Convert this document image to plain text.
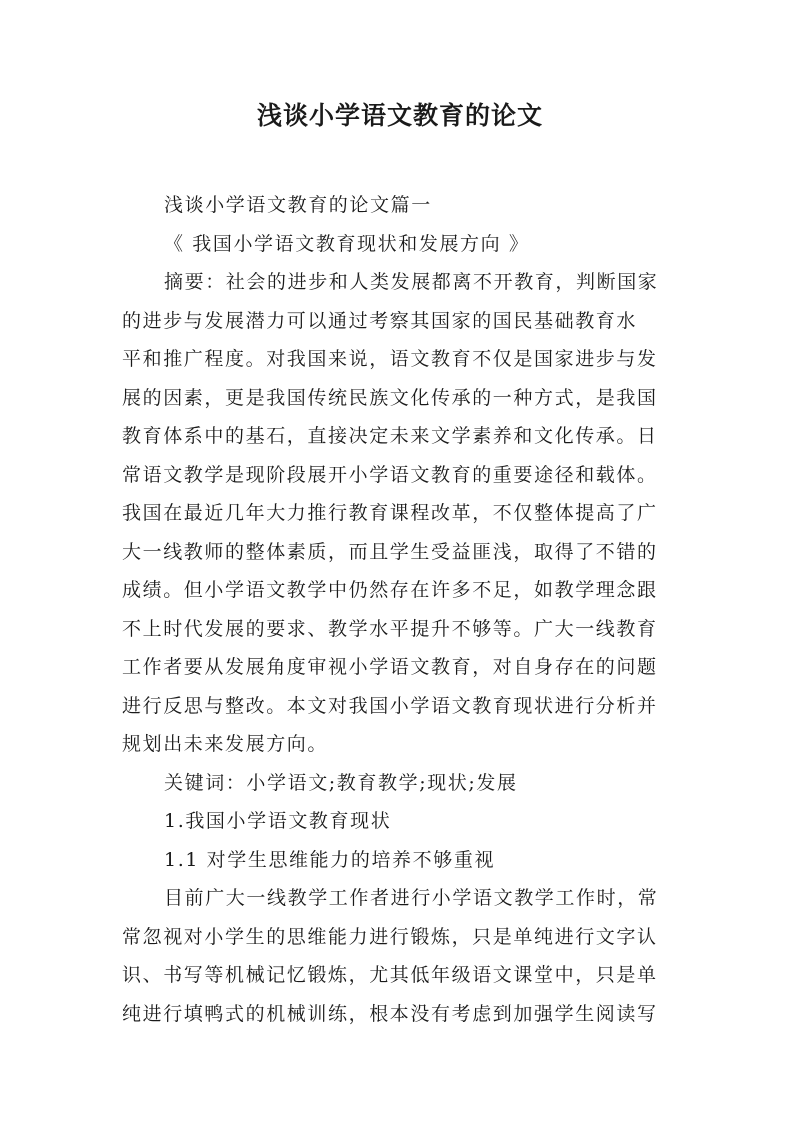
浅谈小学语文教育的论文
浅谈小学语文教育的论文篇一
《 我国小学语文教育现状和发展方向 》
摘要：社会的进步和人类发展都离不开教育，判断国家
的进步与发展潜力可以通过考察其国家的国民基础教育水
平和推广程度。对我国来说，语文教育不仅是国家进步与发
展的因素，更是我国传统民族文化传承的一种方式，是我国
教育体系中的基石，直接决定未来文学素养和文化传承。日
常语文教学是现阶段展开小学语文教育的重要途径和载体。
我国在最近几年大力推行教育课程改革，不仅整体提高了广
大一线教师的整体素质，而且学生受益匪浅，取得了不错的
成绩。但小学语文教学中仍然存在许多不足，如教学理念跟
不上时代发展的要求、教学水平提升不够等。广大一线教育
工作者要从发展角度审视小学语文教育，对自身存在的问题
进行反思与整改。本文对我国小学语文教育现状进行分析并
规划出未来发展方向。
关键词：小学语文;教育教学;现状;发展
1.我国小学语文教育现状
1.1 对学生思维能力的培养不够重视
目前广大一线教学工作者进行小学语文教学工作时，常
常忽视对小学生的思维能力进行锻炼，只是单纯进行文字认
识、书写等机械记忆锻炼，尤其低年级语文课堂中，只是单
纯进行填鸭式的机械训练，根本没有考虑到加强学生阅读写
